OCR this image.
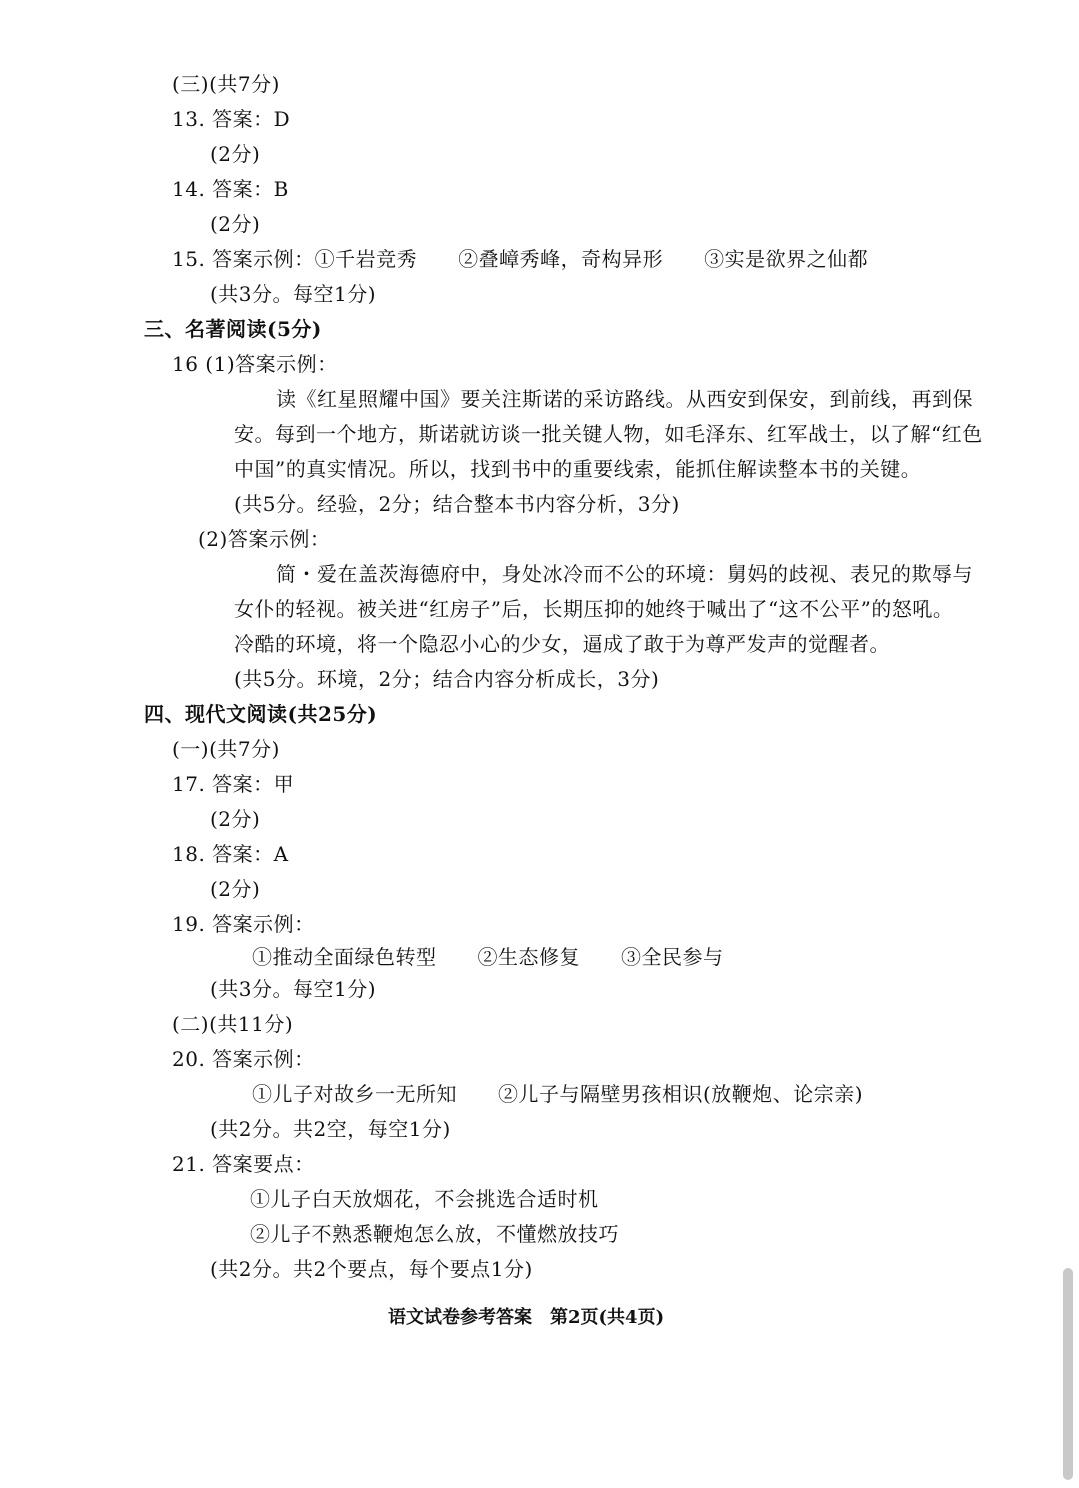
(三)(共7分)
13. 答案：D
(2分)
14. 答案：B
(2分)
15. 答案示例：①千岩竞秀　　②叠嶂秀峰，奇构异形　　③实是欲界之仙都
(共3分。每空1分)
三、名著阅读(5分)
16 (1)答案示例：
读《红星照耀中国》要关注斯诺的采访路线。从西安到保安，到前线，再到保
安。每到一个地方，斯诺就访谈一批关键人物，如毛泽东、红军战士，以了解“红色
中国”的真实情况。所以，找到书中的重要线索，能抓住解读整本书的关键。
(共5分。经验，2分；结合整本书内容分析，3分)
(2)答案示例：
简・爱在盖茨海德府中，身处冰冷而不公的环境：舅妈的歧视、表兄的欺辱与
女仆的轻视。被关进“红房子”后，长期压抑的她终于喊出了“这不公平”的怒吼。
冷酷的环境，将一个隐忍小心的少女，逼成了敢于为尊严发声的觉醒者。
(共5分。环境，2分；结合内容分析成长，3分)
四、现代文阅读(共25分)
(一)(共7分)
17. 答案：甲
(2分)
18. 答案：A
(2分)
19. 答案示例：
①推动全面绿色转型　　②生态修复　　③全民参与
(共3分。每空1分)
(二)(共11分)
20. 答案示例：
①儿子对故乡一无所知　　②儿子与隔壁男孩相识(放鞭炮、论宗亲)
(共2分。共2空，每空1分)
21. 答案要点：
①儿子白天放烟花，不会挑选合适时机
②儿子不熟悉鞭炮怎么放，不懂燃放技巧
(共2分。共2个要点，每个要点1分)
语文试卷参考答案　第2页(共4页)
